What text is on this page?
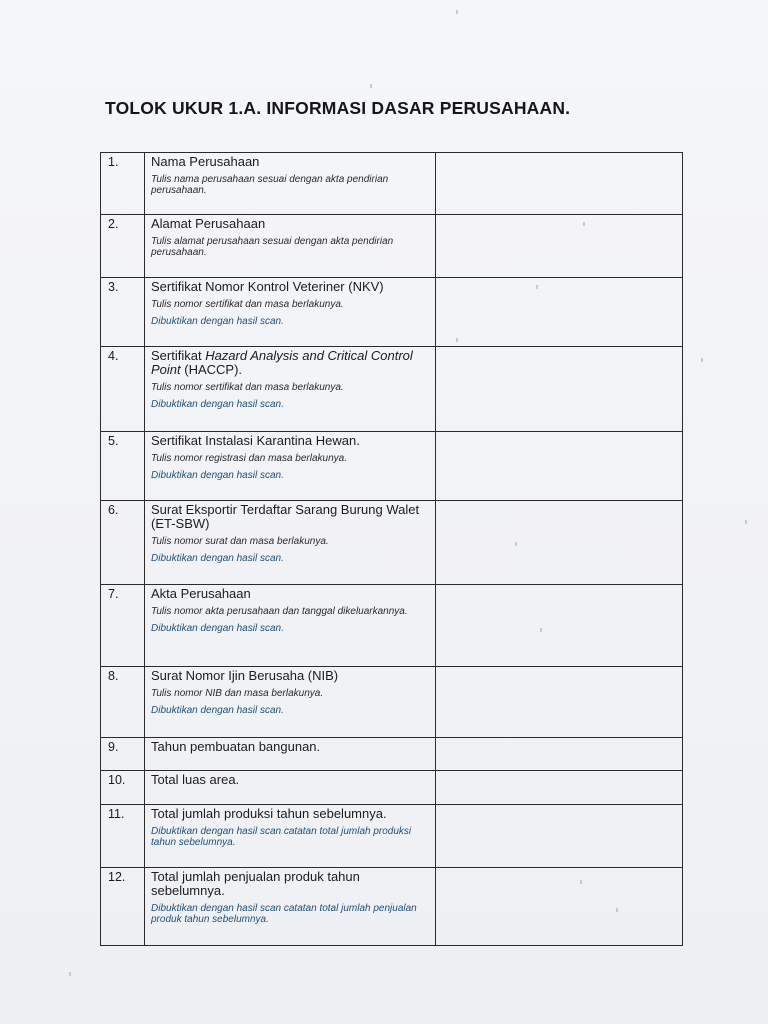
TOLOK UKUR 1.A. INFORMASI DASAR PERUSAHAAN.
1.	Nama Perusahaan
Tulis nama perusahaan sesuai dengan akta pendirian perusahaan.	

2.	Alamat Perusahaan
Tulis alamat perusahaan sesuai dengan akta pendirian perusahaan.	

3.	Sertifikat Nomor Kontrol Veteriner (NKV)
Tulis nomor sertifikat dan masa berlakunya.
Dibuktikan dengan hasil scan.	

4.	Sertifikat Hazard Analysis and Critical Control Point (HACCP).
Tulis nomor sertifikat dan masa berlakunya.
Dibuktikan dengan hasil scan.	

5.	Sertifikat Instalasi Karantina Hewan.
Tulis nomor registrasi dan masa berlakunya.
Dibuktikan dengan hasil scan.	

6.	Surat Eksportir Terdaftar Sarang Burung Walet (ET-SBW)
Tulis nomor surat dan masa berlakunya.
Dibuktikan dengan hasil scan.	

7.	Akta Perusahaan
Tulis nomor akta perusahaan dan tanggal dikeluarkannya.
Dibuktikan dengan hasil scan.	

8.	Surat Nomor Ijin Berusaha (NIB)
Tulis nomor NIB dan masa berlakunya.
Dibuktikan dengan hasil scan.	

9.	Tahun pembuatan bangunan.	

10.	Total luas area.	

11.	Total jumlah produksi tahun sebelumnya.
Dibuktikan dengan hasil scan catatan total jumlah produksi tahun sebelumnya.	

12.	Total jumlah penjualan produk tahun sebelumnya.
Dibuktikan dengan hasil scan catatan total jumlah penjualan produk tahun sebelumnya.	
